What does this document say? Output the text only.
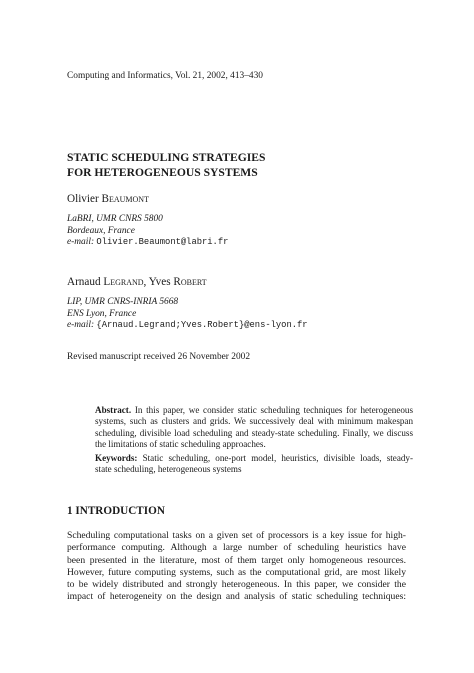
Computing and Informatics, Vol. 21, 2002, 413–430
STATIC SCHEDULING STRATEGIES
FOR HETEROGENEOUS SYSTEMS
Olivier Beaumont
LaBRI, UMR CNRS 5800
Bordeaux, France
e-mail: Olivier.Beaumont@labri.fr
Arnaud Legrand, Yves Robert
LIP, UMR CNRS-INRIA 5668
ENS Lyon, France
e-mail: {Arnaud.Legrand;Yves.Robert}@ens-lyon.fr
Revised manuscript received 26 November 2002
Abstract. In this paper, we consider static scheduling techniques for heterogeneous
systems, such as clusters and grids. We successively deal with minimum makespan
scheduling, divisible load scheduling and steady-state scheduling. Finally, we discuss
the limitations of static scheduling approaches.
Keywords: Static scheduling, one-port model, heuristics, divisible loads, steady-
state scheduling, heterogeneous systems
1 INTRODUCTION
Scheduling computational tasks on a given set of processors is a key issue for high-
performance computing. Although a large number of scheduling heuristics have
been presented in the literature, most of them target only homogeneous resources.
However, future computing systems, such as the computational grid, are most likely
to be widely distributed and strongly heterogeneous. In this paper, we consider the
impact of heterogeneity on the design and analysis of static scheduling techniques:
